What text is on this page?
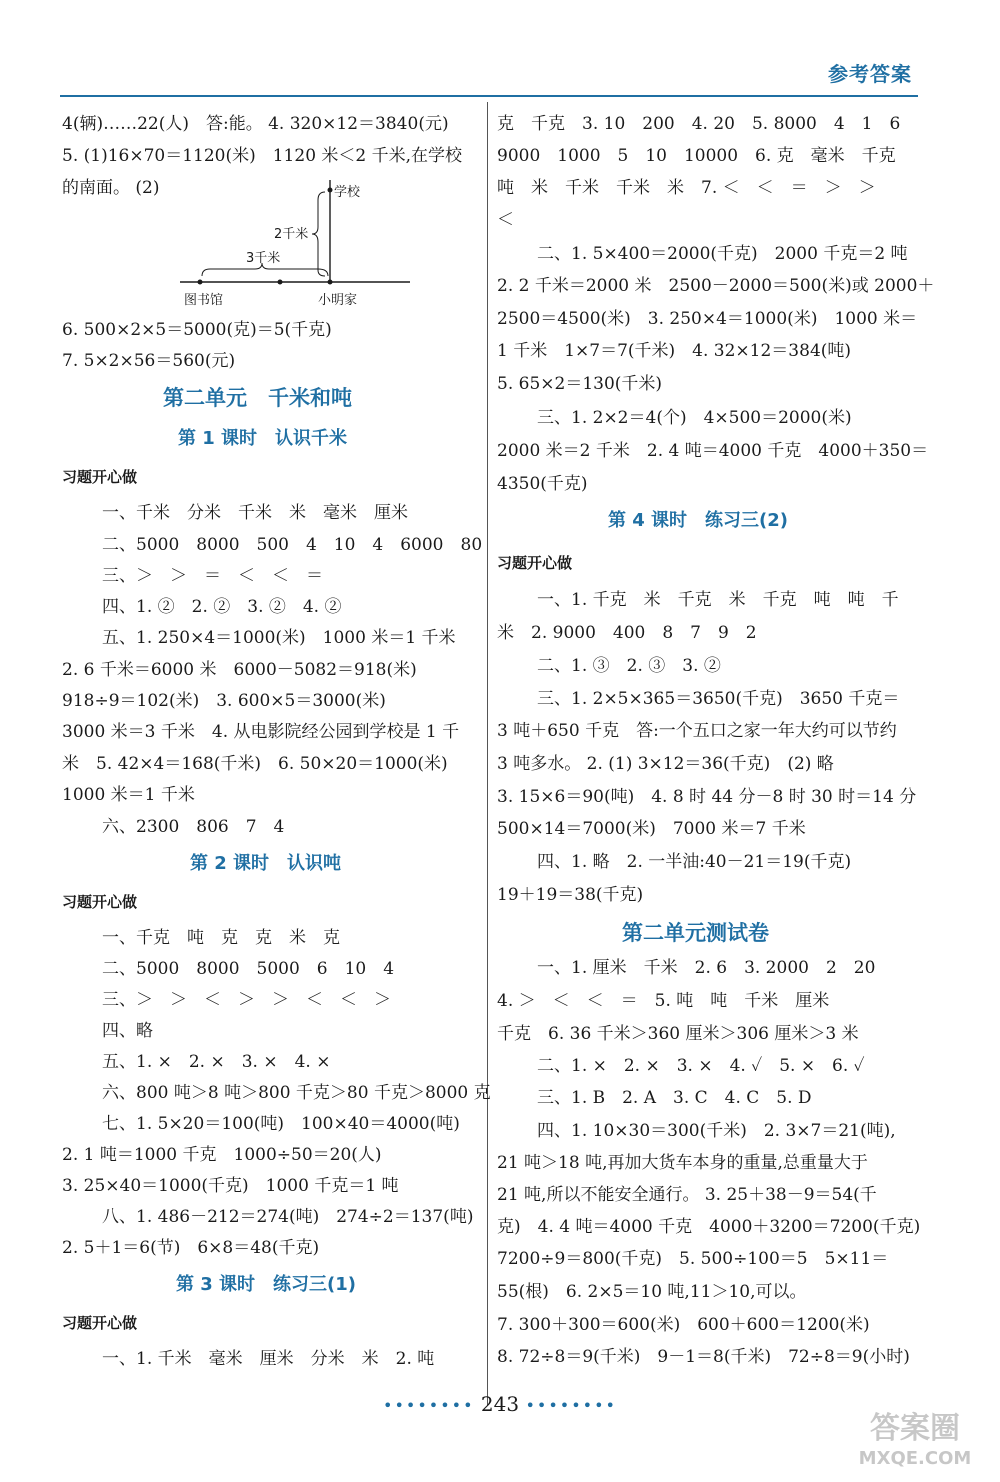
参考答案
4(辆)……22(人)　答:能。 4. 320×12＝3840(元)
5. (1)16×70＝1120(米)　1120 米＜2 千米,在学校
的南面。 (2)	学校
2千米
3千米
图书馆	小明家
6. 500×2×5＝5000(克)＝5(千克)
7. 5×2×56＝560(元)
第二单元　千米和吨
第 1 课时　认识千米
习题开心做
一、千米　分米　千米　米　毫米　厘米
二、5000　8000　500　4　10　4　6000　80
三、＞　＞　＝　＜　＜　＝
四、1. ②　2. ②　3. ②　4. ②
五、1. 250×4＝1000(米)　1000 米＝1 千米
2. 6 千米＝6000 米　6000－5082＝918(米)
918÷9＝102(米)　3. 600×5＝3000(米)
3000 米＝3 千米　4. 从电影院经公园到学校是 1 千
米　5. 42×4＝168(千米)　6. 50×20＝1000(米)
1000 米＝1 千米
六、2300　806　7　4
第 2 课时　认识吨
习题开心做
一、千克　吨　克　克　米　克
二、5000　8000　5000　6　10　4
三、＞　＞　＜　＞　＞　＜　＜　＞
四、略
五、1. ×　2. ×　3. ×　4. ×
六、800 吨＞8 吨＞800 千克＞80 千克＞8000 克
七、1. 5×20＝100(吨)　100×40＝4000(吨)
2. 1 吨＝1000 千克　1000÷50＝20(人)
3. 25×40＝1000(千克)　1000 千克＝1 吨
八、1. 486－212＝274(吨)　274÷2＝137(吨)
2. 5＋1＝6(节)　6×8＝48(千克)
第 3 课时　练习三(1)
习题开心做
一、1. 千米　毫米　厘米　分米　米　2. 吨
克　千克　3. 10　200　4. 20　5. 8000　4　1　6
9000　1000　5　10　10000　6. 克　毫米　千克
吨　米　千米　千米　米　7. ＜　＜　＝　＞　＞
＜
二、1. 5×400＝2000(千克)　2000 千克＝2 吨
2. 2 千米＝2000 米　2500－2000＝500(米)或 2000＋
2500＝4500(米)　3. 250×4＝1000(米)　1000 米＝
1 千米　1×7＝7(千米)　4. 32×12＝384(吨)
5. 65×2＝130(千米)
三、1. 2×2＝4(个)　4×500＝2000(米)
2000 米＝2 千米　2. 4 吨＝4000 千克　4000＋350＝
4350(千克)
第 4 课时　练习三(2)
习题开心做
一、1. 千克　米　千克　米　千克　吨　吨　千
米　2. 9000　400　8　7　9　2
二、1. ③　2. ③　3. ②
三、1. 2×5×365＝3650(千克)　3650 千克＝
3 吨＋650 千克　答:一个五口之家一年大约可以节约
3 吨多水。 2. (1) 3×12＝36(千克)　(2) 略
3. 15×6＝90(吨)　4. 8 时 44 分－8 时 30 时＝14 分
500×14＝7000(米)　7000 米＝7 千米
四、1. 略　2. 一半油:40－21＝19(千克)
19＋19＝38(千克)
第二单元测试卷
一、1. 厘米　千米　2. 6　3. 2000　2　20
4. ＞　＜　＜　＝　5. 吨　吨　千米　厘米
千克　6. 36 千米＞360 厘米＞306 厘米＞3 米
二、1. ×　2. ×　3. ×　4. ✓　5. ×　6. ✓
三、1. B　2. A　3. C　4. C　5. D
四、1. 10×30＝300(千米)　2. 3×7＝21(吨),
21 吨＞18 吨,再加大货车本身的重量,总重量大于
21 吨,所以不能安全通行。 3. 25＋38－9＝54(千
克)　4. 4 吨＝4000 千克　4000＋3200＝7200(千克)
7200÷9＝800(千克)　5. 500÷100＝5　5×11＝
55(根)　6. 2×5＝10 吨,11＞10,可以。
7. 300＋300＝600(米)　600＋600＝1200(米)
8. 72÷8＝9(千米)　9－1＝8(千米)　72÷8＝9(小时)
•••••••• 243 ••••••••
答案圈
MXQE.COM
